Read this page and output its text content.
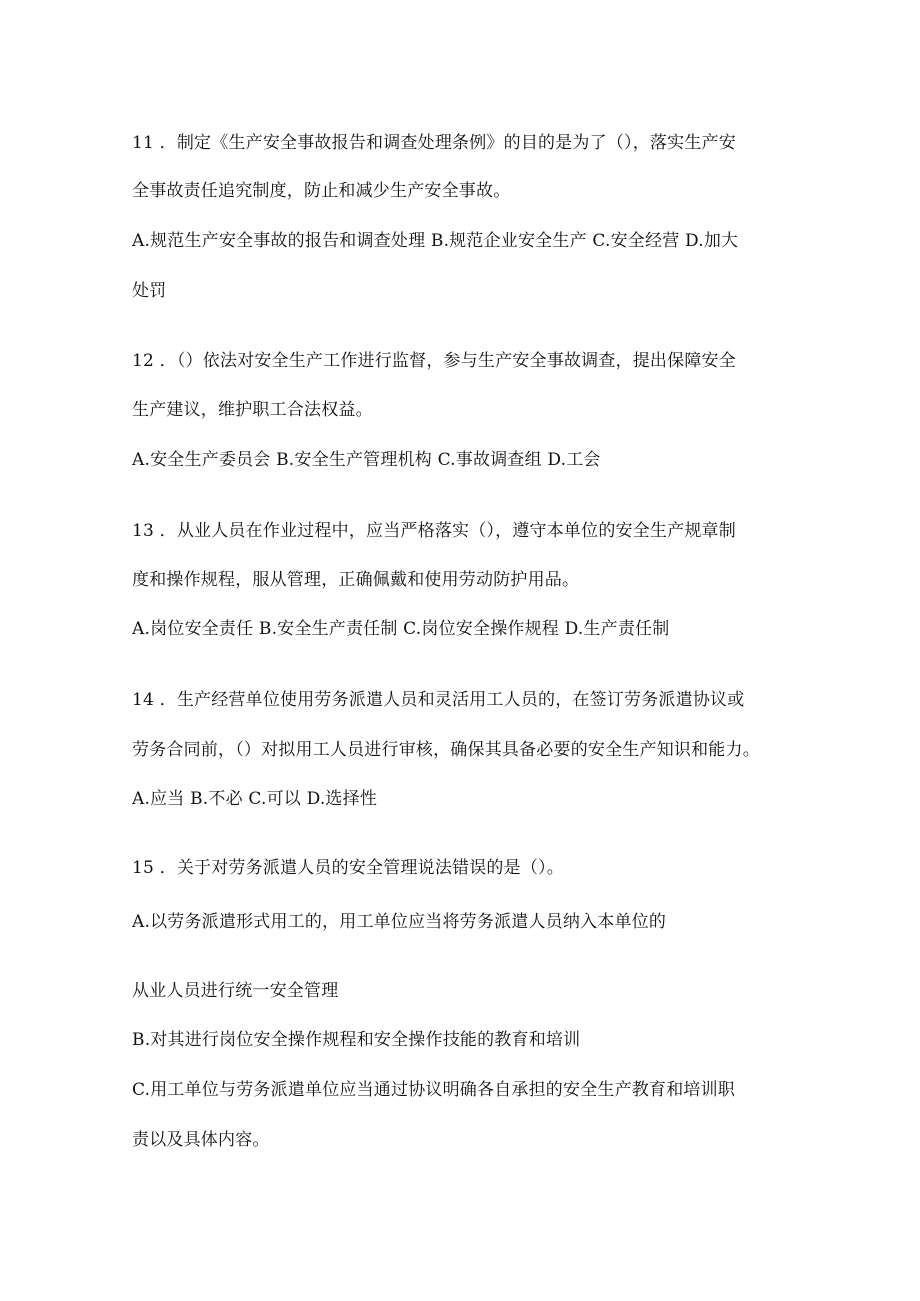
11 ．制定《生产安全事故报告和调查处理条例》的目的是为了（），落实生产安
全事故责任追究制度，防止和减少生产安全事故。
A.规范生产安全事故的报告和调查处理 B.规范企业安全生产 C.安全经营 D.加大
处罚
12 ．（）依法对安全生产工作进行监督，参与生产安全事故调查，提出保障安全
生产建议，维护职工合法权益。
A.安全生产委员会 B.安全生产管理机构 C.事故调查组 D.工会
13 ．从业人员在作业过程中，应当严格落实（），遵守本单位的安全生产规章制
度和操作规程，服从管理，正确佩戴和使用劳动防护用品。
A.岗位安全责任 B.安全生产责任制 C.岗位安全操作规程 D.生产责任制
14 ．生产经营单位使用劳务派遣人员和灵活用工人员的，在签订劳务派遣协议或
劳务合同前，（）对拟用工人员进行审核，确保其具备必要的安全生产知识和能力。
A.应当 B.不必 C.可以 D.选择性
15 ．关于对劳务派遣人员的安全管理说法错误的是（）。
A.以劳务派遣形式用工的，用工单位应当将劳务派遣人员纳入本单位的
从业人员进行统一安全管理
B.对其进行岗位安全操作规程和安全操作技能的教育和培训
C.用工单位与劳务派遣单位应当通过协议明确各自承担的安全生产教育和培训职
责以及具体内容。
